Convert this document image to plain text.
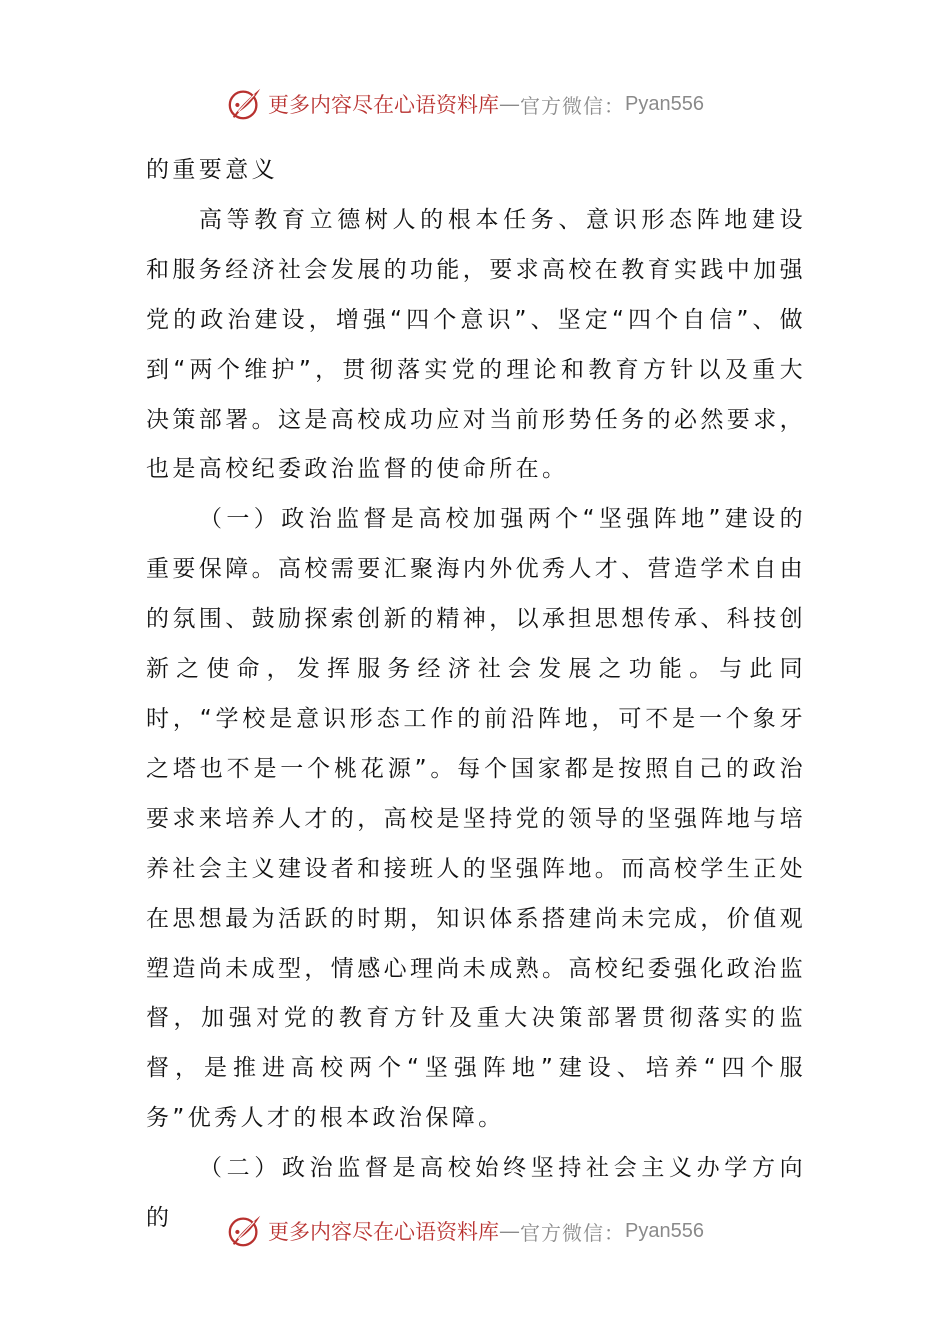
更多内容尽在心语资料库 — 官方微信： Pyan556

的重要意义

高等教育立德树人的根本任务、意识形态阵地建设和服务经济社会发展的功能，要求高校在教育实践中加强党的政治建设，增强“四个意识”、坚定“四个自信”、做到“两个维护”，贯彻落实党的理论和教育方针以及重大决策部署。这是高校成功应对当前形势任务的必然要求，也是高校纪委政治监督的使命所在。

（一）政治监督是高校加强两个“坚强阵地”建设的重要保障。高校需要汇聚海内外优秀人才、营造学术自由的氛围、鼓励探索创新的精神，以承担思想传承、科技创新之使命，发挥服务经济社会发展之功能。与此同时，“学校是意识形态工作的前沿阵地，可不是一个象牙之塔也不是一个桃花源”。每个国家都是按照自己的政治要求来培养人才的，高校是坚持党的领导的坚强阵地与培养社会主义建设者和接班人的坚强阵地。而高校学生正处在思想最为活跃的时期，知识体系搭建尚未完成，价值观塑造尚未成型，情感心理尚未成熟。高校纪委强化政治监督，加强对党的教育方针及重大决策部署贯彻落实的监督，是推进高校两个“坚强阵地”建设、培养“四个服务”优秀人才的根本政治保障。

（二）政治监督是高校始终坚持社会主义办学方向的

更多内容尽在心语资料库 — 官方微信： Pyan556
